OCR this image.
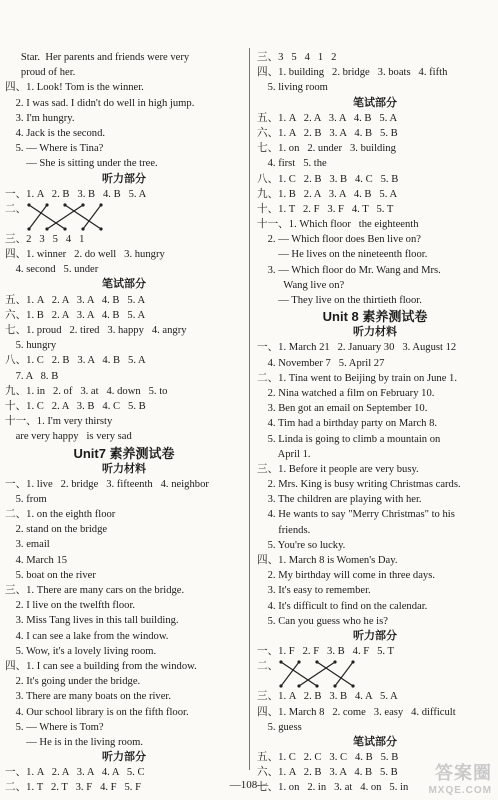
Star.  Her parents and friends were very
proud of her.
四、1. Look! Tom is the winner.
2. I was sad. I didn't do well in high jump.
3. I'm hungry.
4. Jack is the second.
5. — Where is Tina?
— She is sitting under the tree.
听力部分
一、1. A   2. B   3. B   4. B   5. A
二、
三、2   3   5   4   1
四、1. winner   2. do well   3. hungry
4. second   5. under
笔试部分
五、1. A   2. A   3. A   4. B   5. A
六、1. B   2. A   3. A   4. B   5. A
七、1. proud   2. tired   3. happy   4. angry
5. hungry
八、1. C   2. B   3. A   4. B   5. A
7. A   8. B
九、1. in   2. of   3. at   4. down   5. to
十、1. C   2. A   3. B   4. C   5. B
十一、1. I'm very thirsty
are very happy   is very sad
Unit7 素养测试卷
听力材料
一、1. live   2. bridge   3. fifteenth   4. neighbor
5. from
二、1. on the eighth floor
2. stand on the bridge
3. email
4. March 15
5. boat on the river
三、1. There are many cars on the bridge.
2. I live on the twelfth floor.
3. Miss Tang lives in this tall building.
4. I can see a lake from the window.
5. Wow, it's a lovely living room.
四、1. I can see a building from the window.
2. It's going under the bridge.
3. There are many boats on the river.
4. Our school library is on the fifth floor.
5. — Where is Tom?
— He is in the living room.
听力部分
一、1. A   2. A   3. A   4. A   5. C
二、1. T   2. T   3. F   4. F   5. F
三、3   5   4   1   2
四、1. building   2. bridge   3. boats   4. fifth
5. living room
笔试部分
五、1. A   2. A   3. A   4. B   5. A
六、1. A   2. B   3. A   4. B   5. B
七、1. on   2. under   3. building
4. first   5. the
八、1. C   2. B   3. B   4. C   5. B
九、1. B   2. A   3. A   4. B   5. A
十、1. T   2. F   3. F   4. T   5. T
十一、1. Which floor   the eighteenth
2. — Which floor does Ben live on?
— He lives on the nineteenth floor.
3. — Which floor do Mr. Wang and Mrs.
Wang live on?
— They live on the thirtieth floor.
Unit 8 素养测试卷
听力材料
一、1. March 21   2. January 30   3. August 12
4. November 7   5. April 27
二、1. Tina went to Beijing by train on June 1.
2. Nina watched a film on February 10.
3. Ben got an email on September 10.
4. Tim had a birthday party on March 8.
5. Linda is going to climb a mountain on
April 1.
三、1. Before it people are very busy.
2. Mrs. King is busy writing Christmas cards.
3. The children are playing with her.
4. He wants to say "Merry Christmas" to his
friends.
5. You're so lucky.
四、1. March 8 is Women's Day.
2. My birthday will come in three days.
3. It's easy to remember.
4. It's difficult to find on the calendar.
5. Can you guess who he is?
听力部分
一、1. F   2. F   3. B   4. F   5. T
二、
三、1. A   2. B   3. B   4. A   5. A
四、1. March 8   2. come   3. easy   4. difficult
5. guess
笔试部分
五、1. C   2. C   3. C   4. B   5. B
六、1. A   2. B   3. A   4. B   5. B
七、1. on   2. in   3. at   4. on   5. in
—108—
答案圈
MXQE.COM
